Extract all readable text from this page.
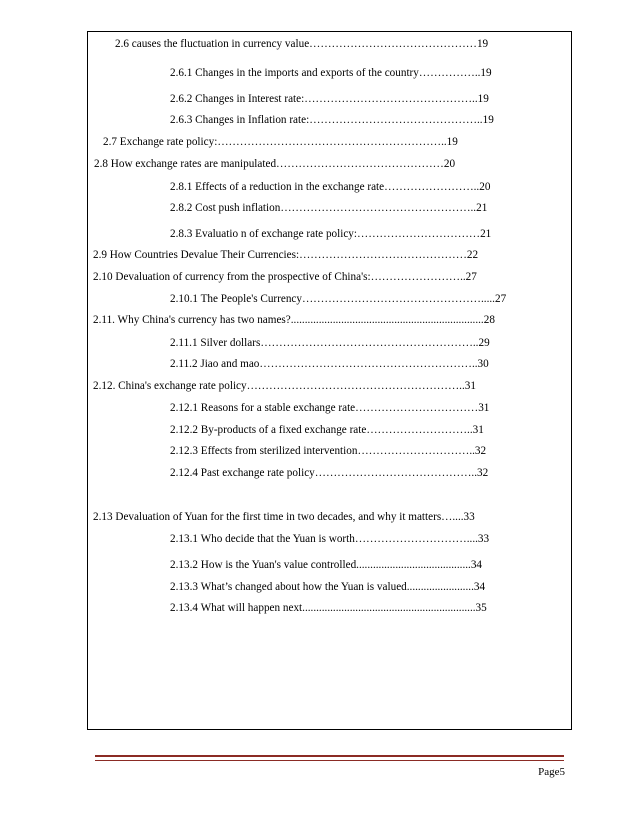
2.6 causes the fluctuation in currency value………………………………………19
2.6.1 Changes in the imports and exports of the country……………..19
2.6.2 Changes in Interest rate:………………………………………..19
2.6.3 Changes in Inflation rate:………………………………………..19
2.7 Exchange rate policy:……………………………………………………..19
2.8 How exchange rates are manipulated………………………………………20
2.8.1 Effects of a reduction in the exchange rate……………………..20
2.8.2 Cost push inflation……………………………………………..21
2.8.3 Evaluatio n of exchange rate policy:……………………………21
2.9 How Countries Devalue Their Currencies:………………………………………22
2.10 Devaluation of currency from the prospective of China's:……………………..27
2.10.1 The People's Currency………………………………………….....27
2.11. Why China's currency has two names?.....................................................................28
2.11.1 Silver dollars…………………………………………………..29
2.11.2 Jiao and mao…………………………………………………..30
2.12. China's exchange rate policy…………………………………………………..31
2.12.1 Reasons for a stable exchange rate……………………………31
2.12.2 By-products of a fixed exchange rate………………………..31
2.12.3 Effects from sterilized intervention…………………………..32
2.12.4 Past exchange rate policy……………………………………..32
2.13 Devaluation of Yuan for the first time in two decades, and why it matters…....33
2.13.1 Who decide that the Yuan is worth…………………………....33
2.13.2 How is the Yuan's value controlled.........................................34
2.13.3 What’s changed about how the Yuan is valued........................34
2.13.4 What will happen next..............................................................35
Page5
